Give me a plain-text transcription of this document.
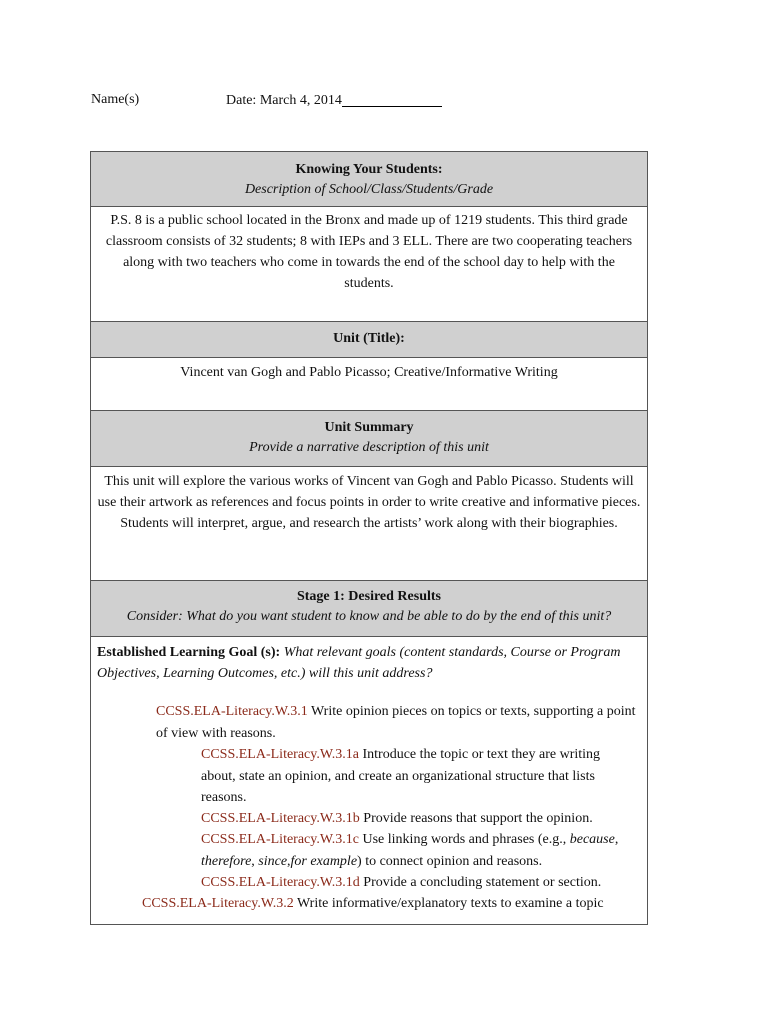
Name(s)	Date: March 4, 2014
Knowing Your Students:
Description of School/Class/Students/Grade
P.S. 8 is a public school located in the Bronx and made up of 1219 students. This third grade classroom consists of 32 students; 8 with IEPs and 3 ELL. There are two cooperating teachers along with two teachers who come in towards the end of the school day to help with the students.
Unit (Title):
Vincent van Gogh and Pablo Picasso; Creative/Informative Writing
Unit Summary
Provide a narrative description of this unit
This unit will explore the various works of Vincent van Gogh and Pablo Picasso. Students will use their artwork as references and focus points in order to write creative and informative pieces. Students will interpret, argue, and research the artists’ work along with their biographies.
Stage 1: Desired Results
Consider: What do you want student to know and be able to do by the end of this unit?
Established Learning Goal (s): What relevant goals (content standards, Course or Program Objectives, Learning Outcomes, etc.) will this unit address?
CCSS.ELA-Literacy.W.3.1 Write opinion pieces on topics or texts, supporting a point of view with reasons.
CCSS.ELA-Literacy.W.3.1a Introduce the topic or text they are writing about, state an opinion, and create an organizational structure that lists reasons.
CCSS.ELA-Literacy.W.3.1b Provide reasons that support the opinion.
CCSS.ELA-Literacy.W.3.1c Use linking words and phrases (e.g., because, therefore, since,for example) to connect opinion and reasons.
CCSS.ELA-Literacy.W.3.1d Provide a concluding statement or section.
CCSS.ELA-Literacy.W.3.2 Write informative/explanatory texts to examine a topic
